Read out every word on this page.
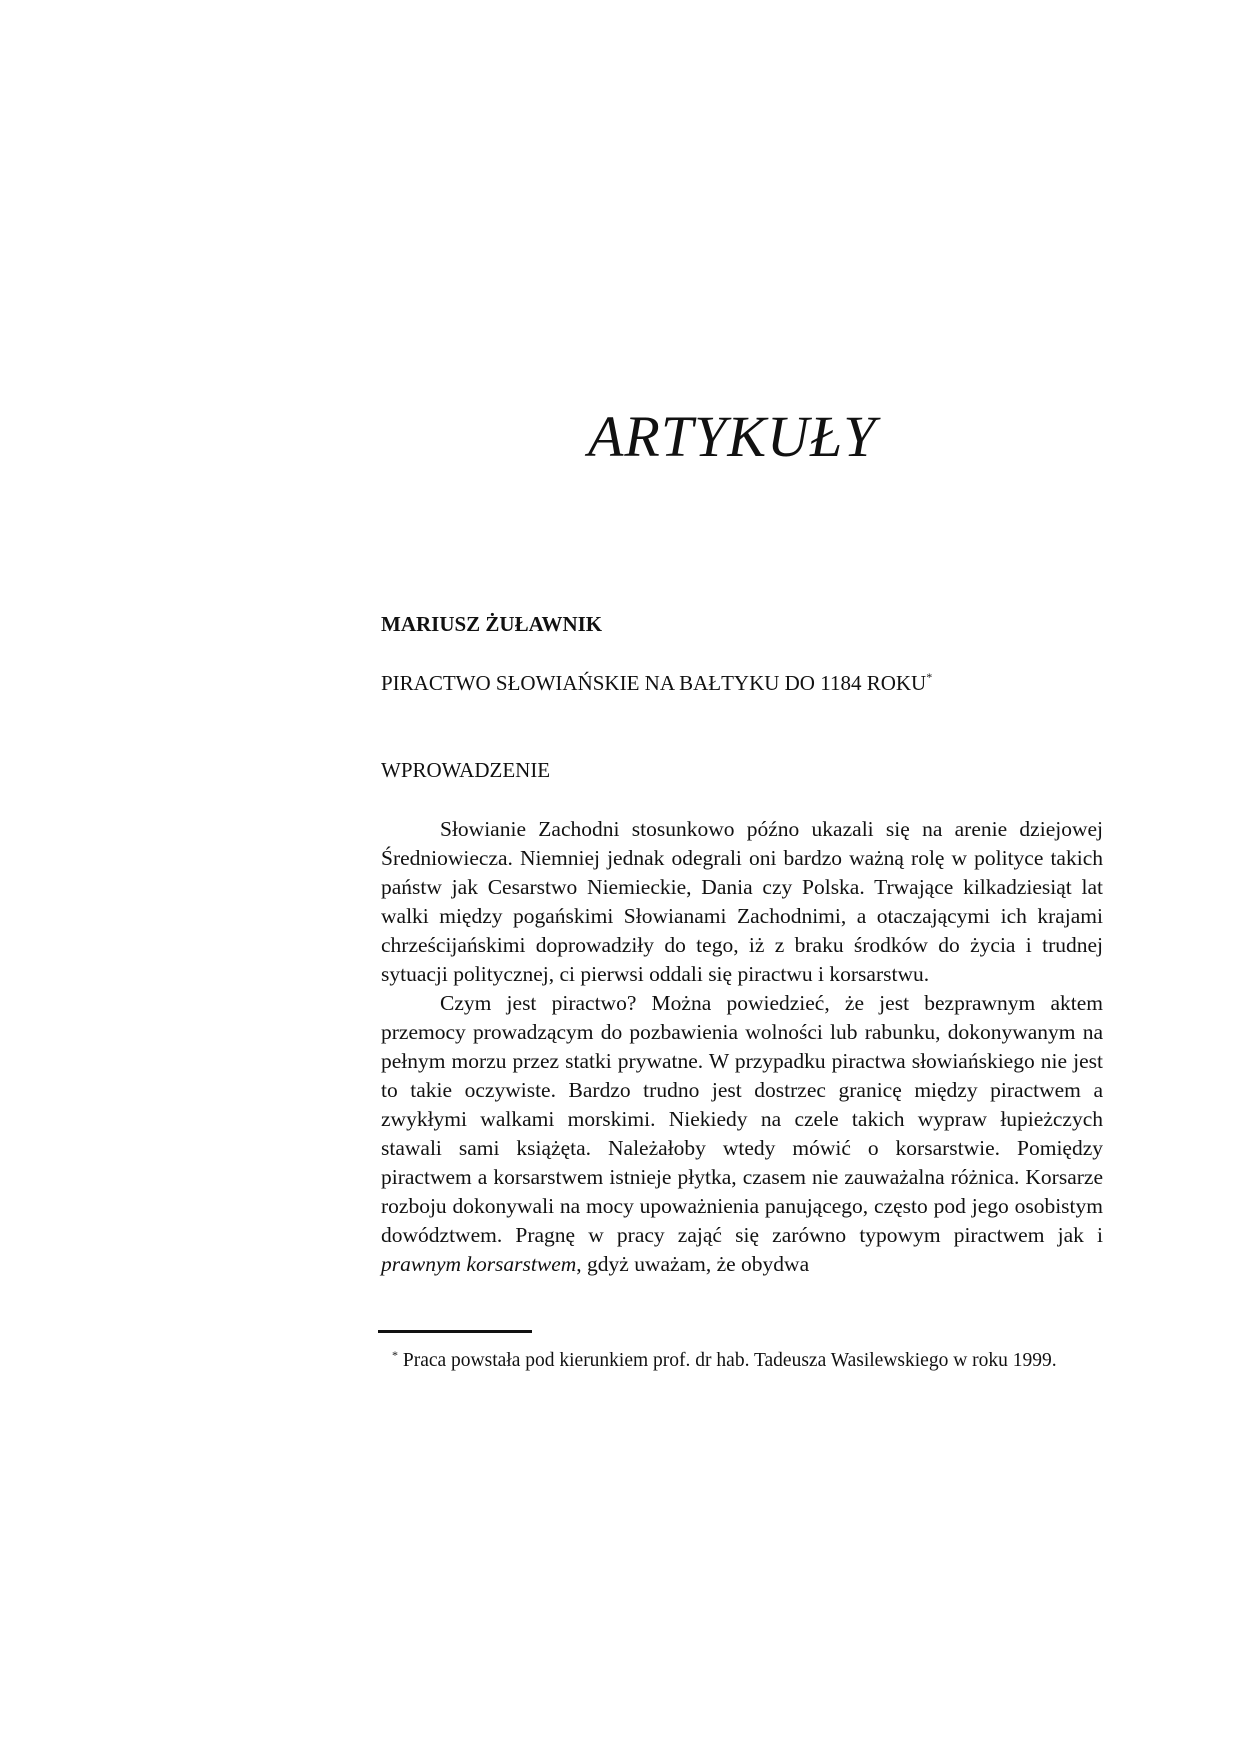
ARTYKUŁY
MARIUSZ ŻUŁAWNIK
PIRACTWO SŁOWIAŃSKIE NA BAŁTYKU DO 1184 ROKU*
WPROWADZENIE

Słowianie Zachodni stosunkowo późno ukazali się na arenie dziejowej Średniowiecza. Niemniej jednak odegrali oni bardzo ważną rolę w polityce takich państw jak Cesarstwo Niemieckie, Dania czy Polska. Trwające kilkadziesiąt lat walki między pogańskimi Słowianami Zachodnimi, a otaczającymi ich krajami chrześcijańskimi doprowadziły do tego, iż z braku środków do życia i trudnej sytuacji politycznej, ci pierwsi oddali się piractwu i korsarstwu.

Czym jest piractwo? Można powiedzieć, że jest bezprawnym aktem przemocy prowadzącym do pozbawienia wolności lub rabunku, dokonywanym na pełnym morzu przez statki prywatne. W przypadku piractwa słowiańskiego nie jest to takie oczywiste. Bardzo trudno jest dostrzec granicę między piractwem a zwykłymi walkami morskimi. Niekiedy na czele takich wypraw łupieżczych stawali sami książęta. Należałoby wtedy mówić o korsarstwie. Pomiędzy piractwem a korsarstwem istnieje płytka, czasem nie zauważalna różnica. Korsarze rozboju dokonywali na mocy upoważnienia panującego, często pod jego osobistym dowództwem. Pragnę w pracy zająć się zarówno typowym piractwem jak i prawnym korsarstwem, gdyż uważam, że obydwa

* Praca powstała pod kierunkiem prof. dr hab. Tadeusza Wasilewskiego w roku 1999.
